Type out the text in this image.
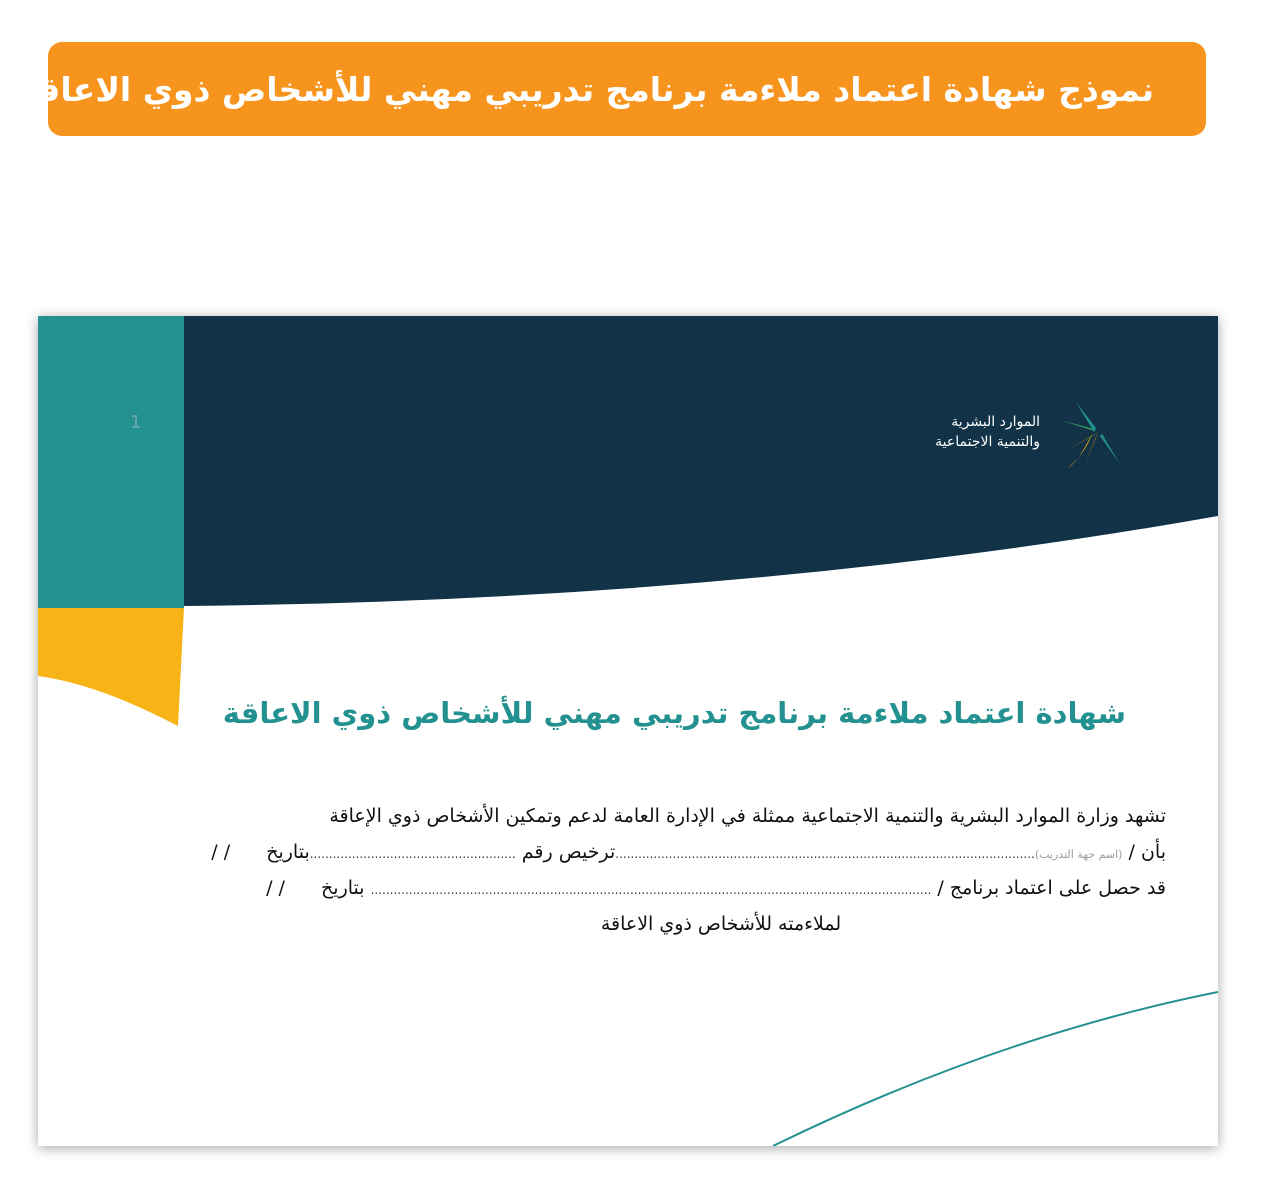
نموذج شهادة اعتماد ملاءمة برنامج تدريبي مهني للأشخاص ذوي الاعاقة
1	الموارد البشرية
والتنمية الاجتماعية
شهادة اعتماد ملاءمة برنامج تدريبي مهني للأشخاص ذوي الاعاقة
تشهد وزارة الموارد البشرية والتنمية الاجتماعية ممثلة في الإدارة العامة لدعم وتمكين الأشخاص ذوي الإعاقة
بأن / (اسم جهة التدريب)..............................................................................................................ترخيص رقم ......................................................بتاريخ  / /
قد حصل على اعتماد برنامج / ................................................................................................................................................... بتاريخ  / /
لملاءمته للأشخاص ذوي الاعاقة
